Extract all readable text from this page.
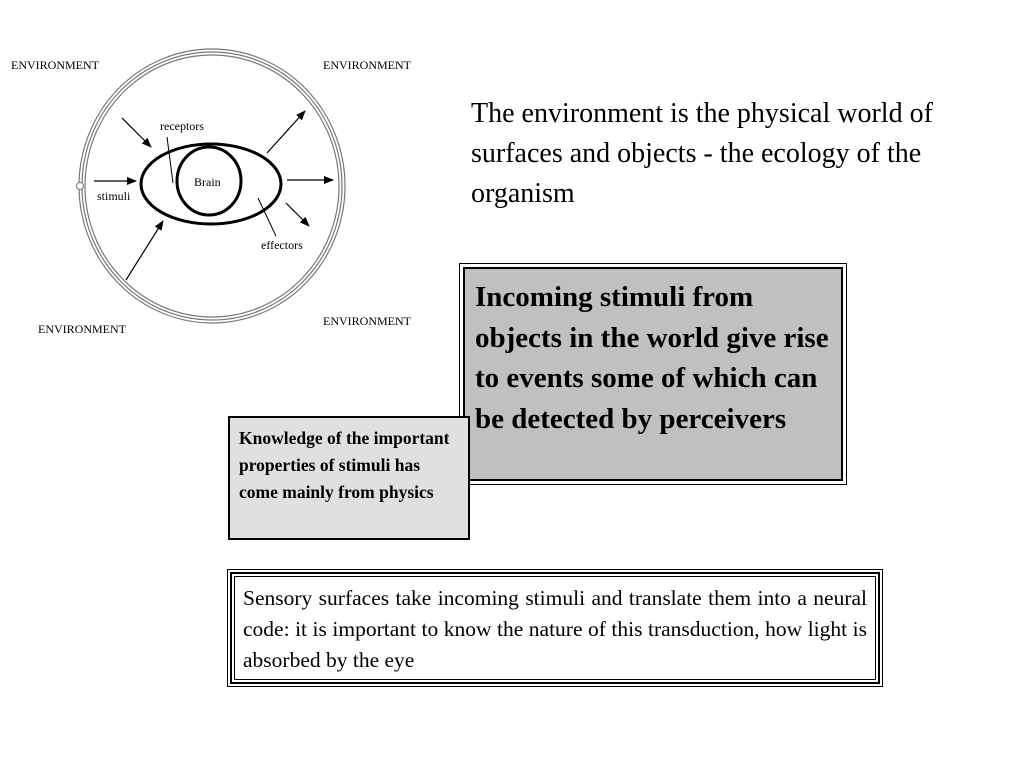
ENVIRONMENT	ENVIRONMENT
ENVIRONMENT
ENVIRONMENT
receptors
Brain
stimuli
effectors
The environment is the physical world of surfaces and objects - the ecology of the organism
Incoming stimuli from objects in the world give rise to events some of which can be detected by perceivers
Knowledge of the important properties of stimuli has come mainly from physics
Sensory surfaces take incoming stimuli and translate them into a neural code: it is important to know the nature of this transduction, how light is absorbed by the eye
